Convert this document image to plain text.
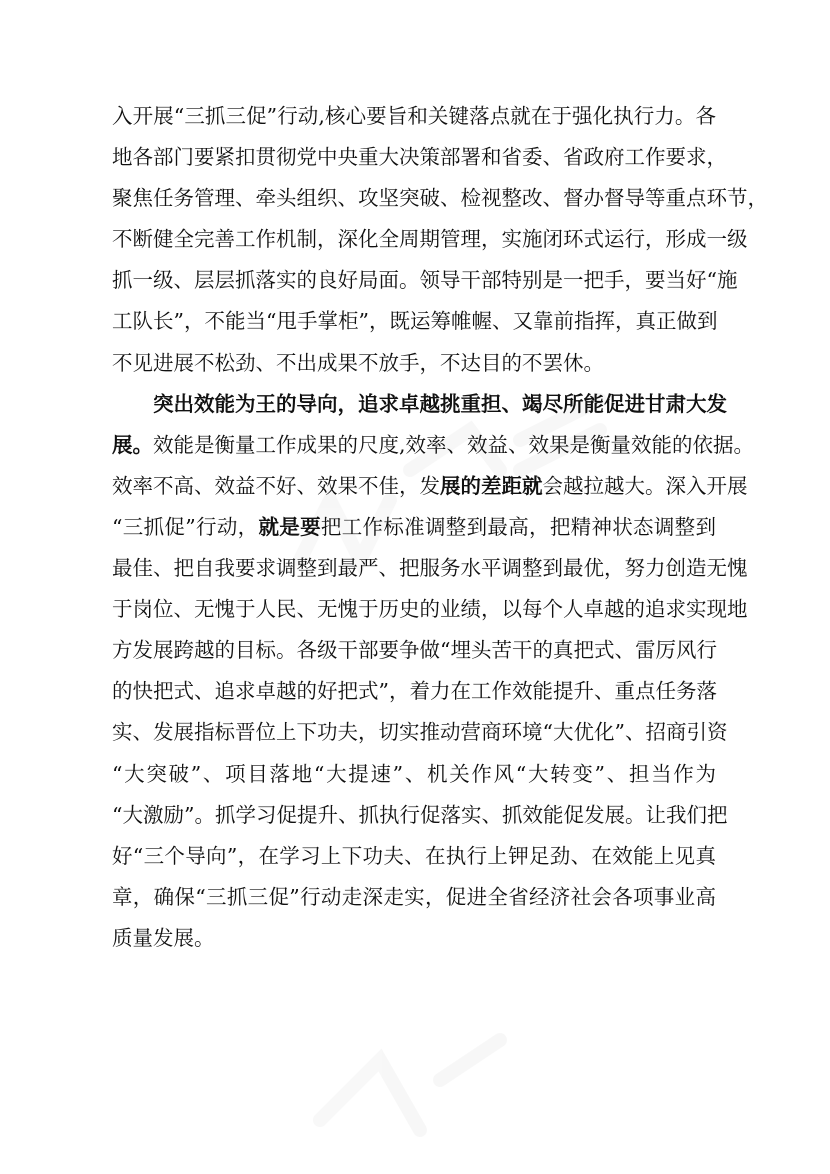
入开展“三抓三促”行动,核心要旨和关键落点就在于强化执行力。各
地各部门要紧扣贯彻党中央重大决策部署和省委、省政府工作要求，
聚焦任务管理、牵头组织、攻坚突破、检视整改、督办督导等重点环节，
不断健全完善工作机制，深化全周期管理，实施闭环式运行，形成一级
抓一级、层层抓落实的良好局面。领导干部特别是一把手，要当好“施
工队长”，不能当“甩手掌柜”，既运筹帷幄、又靠前指挥，真正做到
不见进展不松劲、不出成果不放手，不达目的不罢休。
突出效能为王的导向，追求卓越挑重担、竭尽所能促进甘肃大发
展。效能是衡量工作成果的尺度,效率、效益、效果是衡量效能的依据。
效率不高、效益不好、效果不佳，发展的差距就会越拉越大。深入开展
“三抓促”行动，就是要把工作标准调整到最高，把精神状态调整到
最佳、把自我要求调整到最严、把服务水平调整到最优，努力创造无愧
于岗位、无愧于人民、无愧于历史的业绩，以每个人卓越的追求实现地
方发展跨越的目标。各级干部要争做“埋头苦干的真把式、雷厉风行
的快把式、追求卓越的好把式”，着力在工作效能提升、重点任务落
实、发展指标晋位上下功夫，切实推动营商环境“大优化”、招商引资
“大突破”、项目落地“大提速”、机关作风“大转变”、担当作为
“大激励”。抓学习促提升、抓执行促落实、抓效能促发展。让我们把
好“三个导向”，在学习上下功夫、在执行上钾足劲、在效能上见真
章，确保“三抓三促”行动走深走实，促进全省经济社会各项事业高
质量发展。
